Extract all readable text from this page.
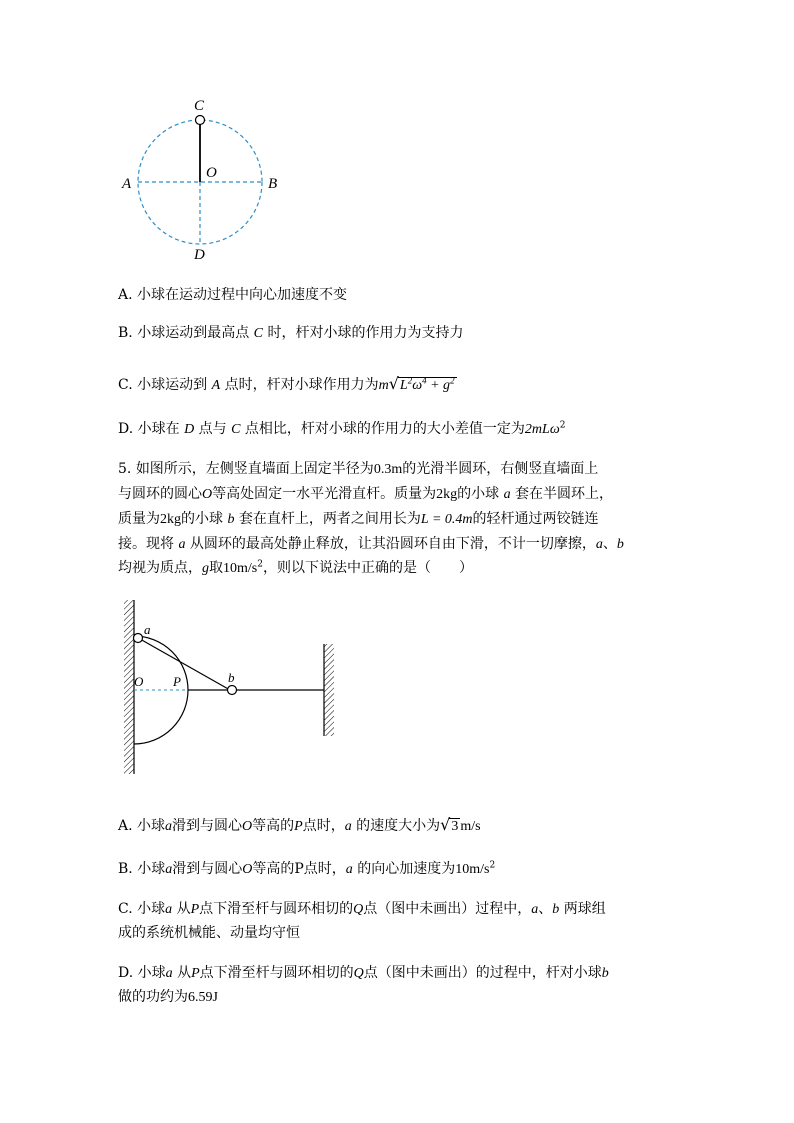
C
O
A	B
D
A. 小球在运动过程中向心加速度不变
B. 小球运动到最高点 C 时，杆对小球的作用力为支持力
C. 小球运动到 A 点时，杆对小球作用力为$m√L^2\omega^4 + g^2$
D. 小球在 D 点与 C 点相比，杆对小球的作用力的大小差值一定为2mLω$^2$
5. 如图所示，左侧竖直墙面上固定半径为0.3m的光滑半圆环，右侧竖直墙面上
与圆环的圆心O等高处固定一水平光滑直杆。质量为2kg的小球 a 套在半圆环上，
质量为2kg的小球 b 套在直杆上，两者之间用长为L = 0.4m的轻杆通过两铰链连
接。现将 a 从圆环的最高处静止释放，让其沿圆环自由下滑，不计一切摩擦，a、b
均视为质点，g取$10m/s^2$，则以下说法中正确的是（　　）
a
b
O P
A. 小球a滑到与圆心O等高的P点时，a 的速度大小为√3 m/s
B. 小球a滑到与圆心O等高的P点时，a 的向心加速度为$10m/s^2$
C. 小球a 从P点下滑至杆与圆环相切的Q点（图中未画出）过程中，a、b 两球组
成的系统机械能、动量均守恒
D. 小球a 从P点下滑至杆与圆环相切的Q点（图中未画出）的过程中，杆对小球b
做的功约为6.59J
